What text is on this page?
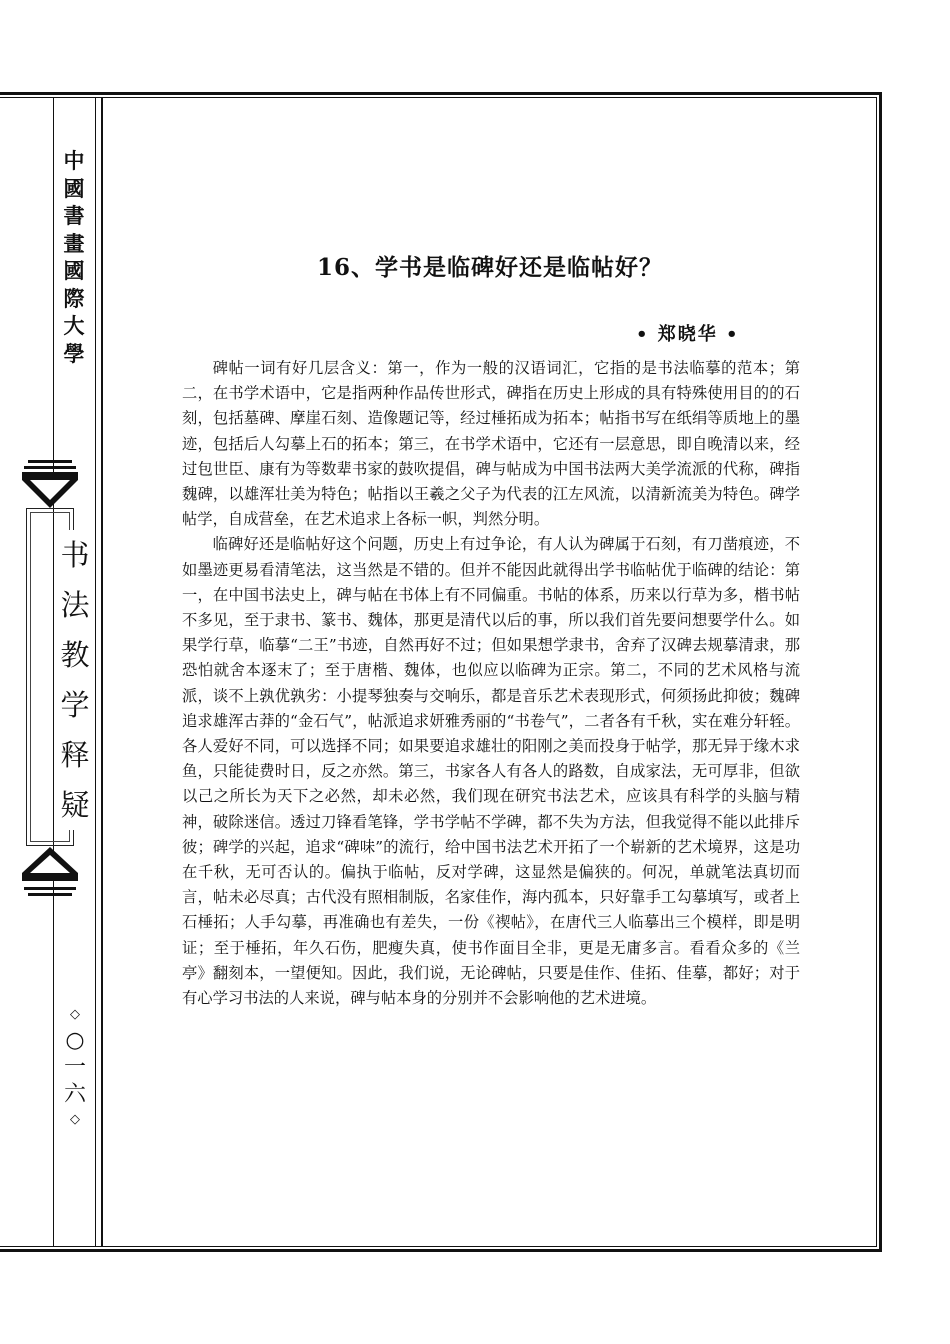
中
國
書
畫
國
際
大
學
书
法
教
学
释
疑
◇
○
一
六
◇
16、学书是临碑好还是临帖好？
• 郑晓华 •

碑帖一词有好几层含义：第一，作为一般的汉语词汇，它指的是书法临摹的范本；第二，在书学术语中，它是指两种作品传世形式，碑指在历史上形成的具有特殊使用目的的石刻，包括墓碑、摩崖石刻、造像题记等，经过棰拓成为拓本；帖指书写在纸绢等质地上的墨迹，包括后人勾摹上石的拓本；第三，在书学术语中，它还有一层意思，即自晚清以来，经过包世臣、康有为等数辈书家的鼓吹提倡，碑与帖成为中国书法两大美学流派的代称，碑指魏碑，以雄浑壮美为特色；帖指以王羲之父子为代表的江左风流，以清新流美为特色。碑学帖学，自成营垒，在艺术追求上各标一帜，判然分明。

临碑好还是临帖好这个问题，历史上有过争论，有人认为碑属于石刻，有刀凿痕迹，不如墨迹更易看清笔法，这当然是不错的。但并不能因此就得出学书临帖优于临碑的结论：第一，在中国书法史上，碑与帖在书体上有不同偏重。书帖的体系，历来以行草为多，楷书帖不多见，至于隶书、篆书、魏体，那更是清代以后的事，所以我们首先要问想要学什么。如果学行草，临摹“二王”书迹，自然再好不过；但如果想学隶书，舍弃了汉碑去规摹清隶，那恐怕就舍本逐末了；至于唐楷、魏体，也似应以临碑为正宗。第二，不同的艺术风格与流派，谈不上孰优孰劣：小提琴独奏与交响乐，都是音乐艺术表现形式，何须扬此抑彼；魏碑追求雄浑古莽的“金石气”，帖派追求妍雅秀丽的“书卷气”，二者各有千秋，实在难分轩轾。各人爱好不同，可以选择不同；如果要追求雄壮的阳刚之美而投身于帖学，那无异于缘木求鱼，只能徒费时日，反之亦然。第三，书家各人有各人的路数，自成家法，无可厚非，但欲以己之所长为天下之必然，却未必然，我们现在研究书法艺术，应该具有科学的头脑与精神，破除迷信。透过刀锋看笔锋，学书学帖不学碑，都不失为方法，但我觉得不能以此排斥彼；碑学的兴起，追求“碑味”的流行，给中国书法艺术开拓了一个崭新的艺术境界，这是功在千秋，无可否认的。偏执于临帖，反对学碑，这显然是偏狭的。何况，单就笔法真切而言，帖未必尽真；古代没有照相制版，名家佳作，海内孤本，只好靠手工勾摹填写，或者上石棰拓；人手勾摹，再准确也有差失，一份《禊帖》，在唐代三人临摹出三个模样，即是明证；至于棰拓，年久石伤，肥瘦失真，使书作面目全非，更是无庸多言。看看众多的《兰亭》翻刻本，一望便知。因此，我们说，无论碑帖，只要是佳作、佳拓、佳摹，都好；对于有心学习书法的人来说，碑与帖本身的分别并不会影响他的艺术进境。
